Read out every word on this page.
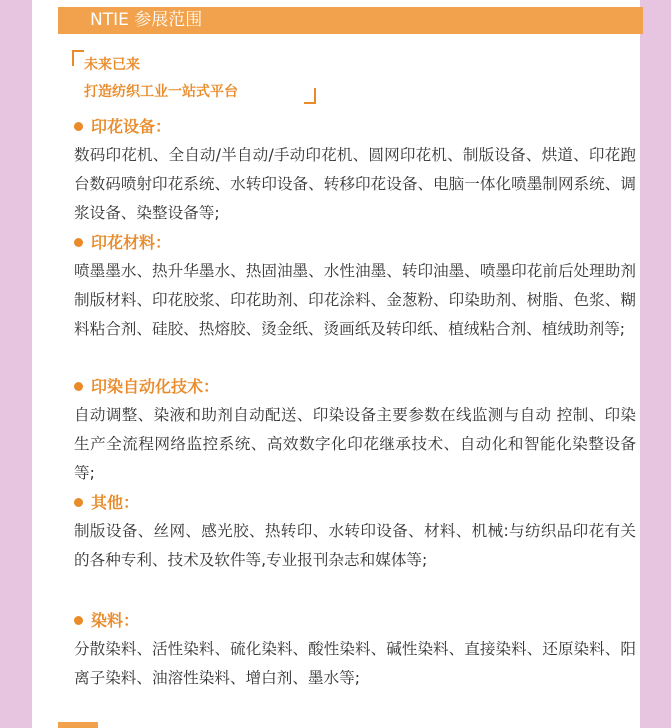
NTIE 参展范围
未来已来
打造纺织工业一站式平台
印花设备：
数码印花机、全自动/半自动/手动印花机、圆网印花机、制版设备、烘道、印花跑台数码喷射印花系统、水转印设备、转移印花设备、电脑一体化喷墨制网系统、调浆设备、染整设备等;
印花材料：
喷墨墨水、热升华墨水、热固油墨、水性油墨、转印油墨、喷墨印花前后处理助剂制版材料、印花胶浆、印花助剂、印花涂料、金葱粉、印染助剂、树脂、色浆、糊料粘合剂、硅胶、热熔胶、烫金纸、烫画纸及转印纸、植绒粘合剂、植绒助剂等;
印染自动化技术：
自动调整、染液和助剂自动配送、印染设备主要参数在线监测与自动 控制、印染生产全流程网络监控系统、高效数字化印花继承技术、自动化和智能化染整设备等;
其他：
制版设备、丝网、感光胶、热转印、水转印设备、材料、机械:与纺织品印花有关的各种专利、技术及软件等,专业报刊杂志和媒体等;
染料：
分散染料、活性染料、硫化染料、酸性染料、碱性染料、直接染料、还原染料、阳离子染料、油溶性染料、增白剂、墨水等;
